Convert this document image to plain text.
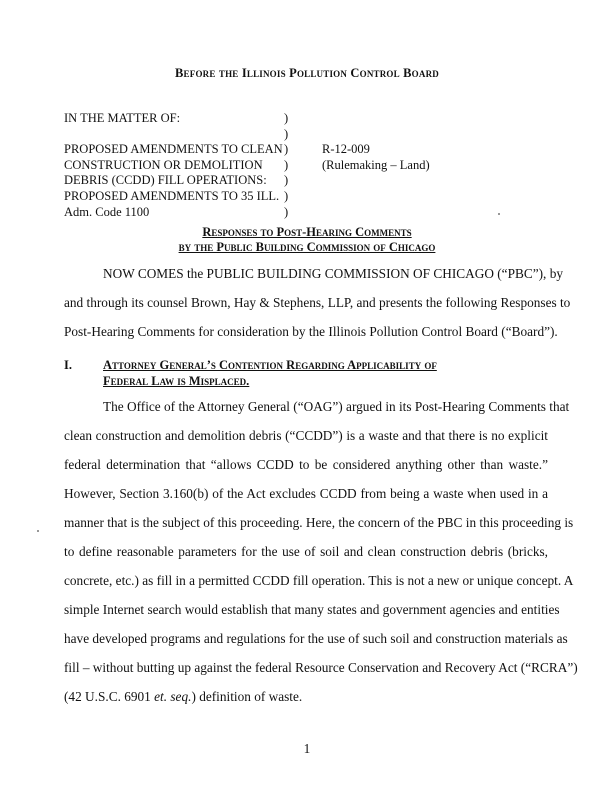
Before the Illinois Pollution Control Board
IN THE MATTER OF:
PROPOSED AMENDMENTS TO CLEAN
CONSTRUCTION OR DEMOLITION
DEBRIS (CCDD) FILL OPERATIONS:
PROPOSED AMENDMENTS TO 35 ILL.
Adm. Code 1100
)
)
)
)
)
)
)
R-12-009
(Rulemaking – Land)
Responses to Post-Hearing Comments
by the Public Building Commission of Chicago
NOW COMES the PUBLIC BUILDING COMMISSION OF CHICAGO (“PBC”), by
and through its counsel Brown, Hay & Stephens, LLP, and presents the following Responses to
Post-Hearing Comments for consideration by the Illinois Pollution Control Board (“Board”).
I. Attorney General’s Contention Regarding Applicability of
Federal Law is Misplaced.
The Office of the Attorney General (“OAG”) argued in its Post-Hearing Comments that
clean construction and demolition debris (“CCDD”) is a waste and that there is no explicit
federal determination that “allows CCDD to be considered anything other than waste.”
However, Section 3.160(b) of the Act excludes CCDD from being a waste when used in a
manner that is the subject of this proceeding. Here, the concern of the PBC in this proceeding is
to define reasonable parameters for the use of soil and clean construction debris (bricks,
concrete, etc.) as fill in a permitted CCDD fill operation. This is not a new or unique concept. A
simple Internet search would establish that many states and government agencies and entities
have developed programs and regulations for the use of such soil and construction materials as
fill – without butting up against the federal Resource Conservation and Recovery Act (“RCRA”)
(42 U.S.C. 6901 et. seq.) definition of waste.
1
